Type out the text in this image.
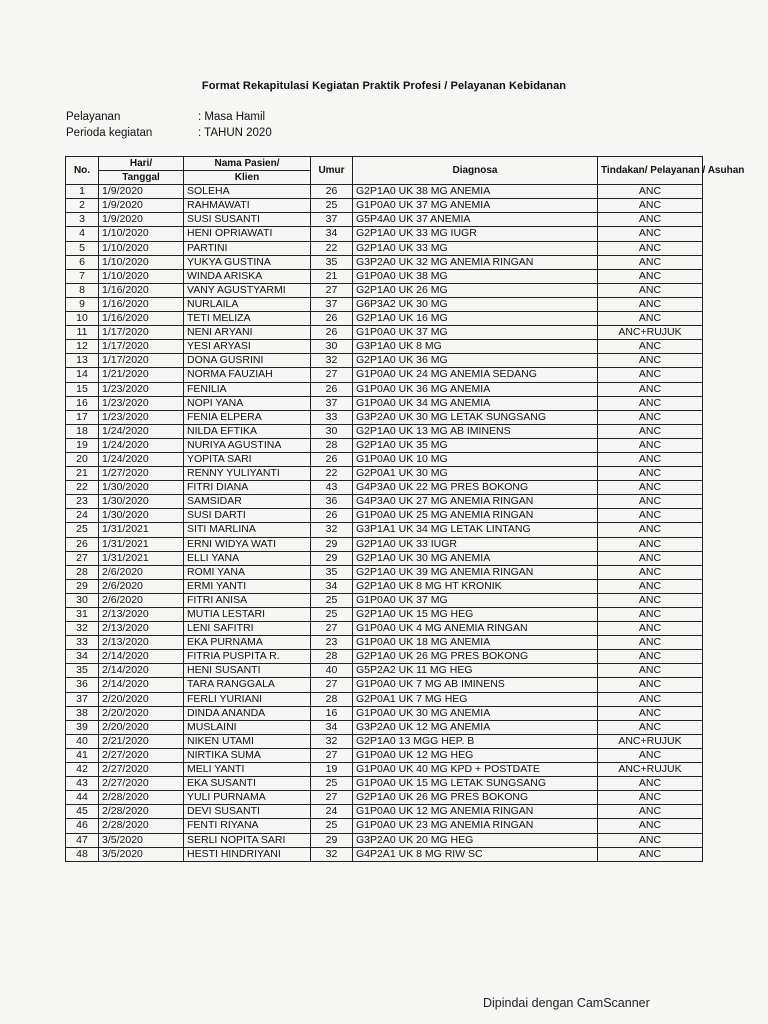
Format Rekapitulasi Kegiatan Praktik Profesi / Pelayanan Kebidanan
Pelayanan	: Masa Hamil
Perioda kegiatan	: TAHUN 2020
No.	Hari/	Nama Pasien/	Umur	Diagnosa	Tindakan/ Pelayanan / Asuhan
	Tanggal	Klien			
1	1/9/2020	SOLEHA	26	G2P1A0 UK 38 MG ANEMIA	ANC
2	1/9/2020	RAHMAWATI	25	G1P0A0 UK 37 MG ANEMIA	ANC
3	1/9/2020	SUSI SUSANTI	37	G5P4A0 UK 37 ANEMIA	ANC
4	1/10/2020	HENI OPRIAWATI	34	G2P1A0 UK 33 MG IUGR	ANC
5	1/10/2020	PARTINI	22	G2P1A0 UK 33 MG	ANC
6	1/10/2020	YUKYA GUSTINA	35	G3P2A0 UK 32 MG ANEMIA RINGAN	ANC
7	1/10/2020	WINDA ARISKA	21	G1P0A0 UK 38 MG	ANC
8	1/16/2020	VANY AGUSTYARMI	27	G2P1A0 UK 26 MG	ANC
9	1/16/2020	NURLAILA	37	G6P3A2 UK 30 MG	ANC
10	1/16/2020	TETI MELIZA	26	G2P1A0 UK 16 MG	ANC
11	1/17/2020	NENI ARYANI	26	G1P0A0 UK 37 MG	ANC+RUJUK
12	1/17/2020	YESI ARYASI	30	G3P1A0 UK 8 MG	ANC
13	1/17/2020	DONA GUSRINI	32	G2P1A0 UK 36 MG	ANC
14	1/21/2020	NORMA FAUZIAH	27	G1P0A0 UK 24 MG ANEMIA SEDANG	ANC
15	1/23/2020	FENILIA	26	G1P0A0 UK 36 MG ANEMIA	ANC
16	1/23/2020	NOPI YANA	37	G1P0A0 UK 34 MG ANEMIA	ANC
17	1/23/2020	FENIA ELPERA	33	G3P2A0 UK 30 MG LETAK SUNGSANG	ANC
18	1/24/2020	NILDA EFTIKA	30	G2P1A0 UK 13 MG AB IMINENS	ANC
19	1/24/2020	NURIYA AGUSTINA	28	G2P1A0 UK 35 MG	ANC
20	1/24/2020	YOPITA SARI	26	G1P0A0 UK 10 MG	ANC
21	1/27/2020	RENNY YULIYANTI	22	G2P0A1 UK 30 MG	ANC
22	1/30/2020	FITRI DIANA	43	G4P3A0 UK 22 MG PRES BOKONG	ANC
23	1/30/2020	SAMSIDAR	36	G4P3A0 UK 27 MG ANEMIA RINGAN	ANC
24	1/30/2020	SUSI DARTI	26	G1P0A0 UK 25 MG ANEMIA RINGAN	ANC
25	1/31/2021	SITI MARLINA	32	G3P1A1 UK 34 MG LETAK LINTANG	ANC
26	1/31/2021	ERNI WIDYA WATI	29	G2P1A0 UK 33 IUGR	ANC
27	1/31/2021	ELLI YANA	29	G2P1A0 UK 30 MG ANEMIA	ANC
28	2/6/2020	ROMI YANA	35	G2P1A0 UK 39 MG ANEMIA RINGAN	ANC
29	2/6/2020	ERMI YANTI	34	G2P1A0 UK 8 MG HT KRONIK	ANC
30	2/6/2020	FITRI ANISA	25	G1P0A0 UK 37 MG	ANC
31	2/13/2020	MUTIA LESTARI	25	G2P1A0 UK 15 MG HEG	ANC
32	2/13/2020	LENI SAFITRI	27	G1P0A0 UK 4 MG ANEMIA RINGAN	ANC
33	2/13/2020	EKA PURNAMA	23	G1P0A0 UK 18 MG ANEMIA	ANC
34	2/14/2020	FITRIA PUSPITA R.	28	G2P1A0 UK 26 MG PRES BOKONG	ANC
35	2/14/2020	HENI SUSANTI	40	G5P2A2 UK 11 MG HEG	ANC
36	2/14/2020	TARA RANGGALA	27	G1P0A0 UK 7 MG AB IMINENS	ANC
37	2/20/2020	FERLI YURIANI	28	G2P0A1 UK 7 MG HEG	ANC
38	2/20/2020	DINDA ANANDA	16	G1P0A0 UK 30 MG ANEMIA	ANC
39	2/20/2020	MUSLAINI	34	G3P2A0 UK 12 MG ANEMIA	ANC
40	2/21/2020	NIKEN UTAMI	32	G2P1A0 13 MGG HEP. B	ANC+RUJUK
41	2/27/2020	NIRTIKA SUMA	27	G1P0A0 UK 12 MG HEG	ANC
42	2/27/2020	MELI YANTI	19	G1P0A0 UK 40 MG KPD + POSTDATE	ANC+RUJUK
43	2/27/2020	EKA SUSANTI	25	G1P0A0 UK 15 MG LETAK SUNGSANG	ANC
44	2/28/2020	YULI PURNAMA	27	G2P1A0 UK 26 MG PRES BOKONG	ANC
45	2/28/2020	DEVI SUSANTI	24	G1P0A0 UK 12 MG ANEMIA RINGAN	ANC
46	2/28/2020	FENTI RIYANA	25	G1P0A0 UK 23 MG ANEMIA RINGAN	ANC
47	3/5/2020	SERLI NOPITA SARI	29	G3P2A0 UK 20 MG HEG	ANC
48	3/5/2020	HESTI HINDRIYANI	32	G4P2A1 UK 8 MG RIW SC	ANC
Dipindai dengan CamScanner
